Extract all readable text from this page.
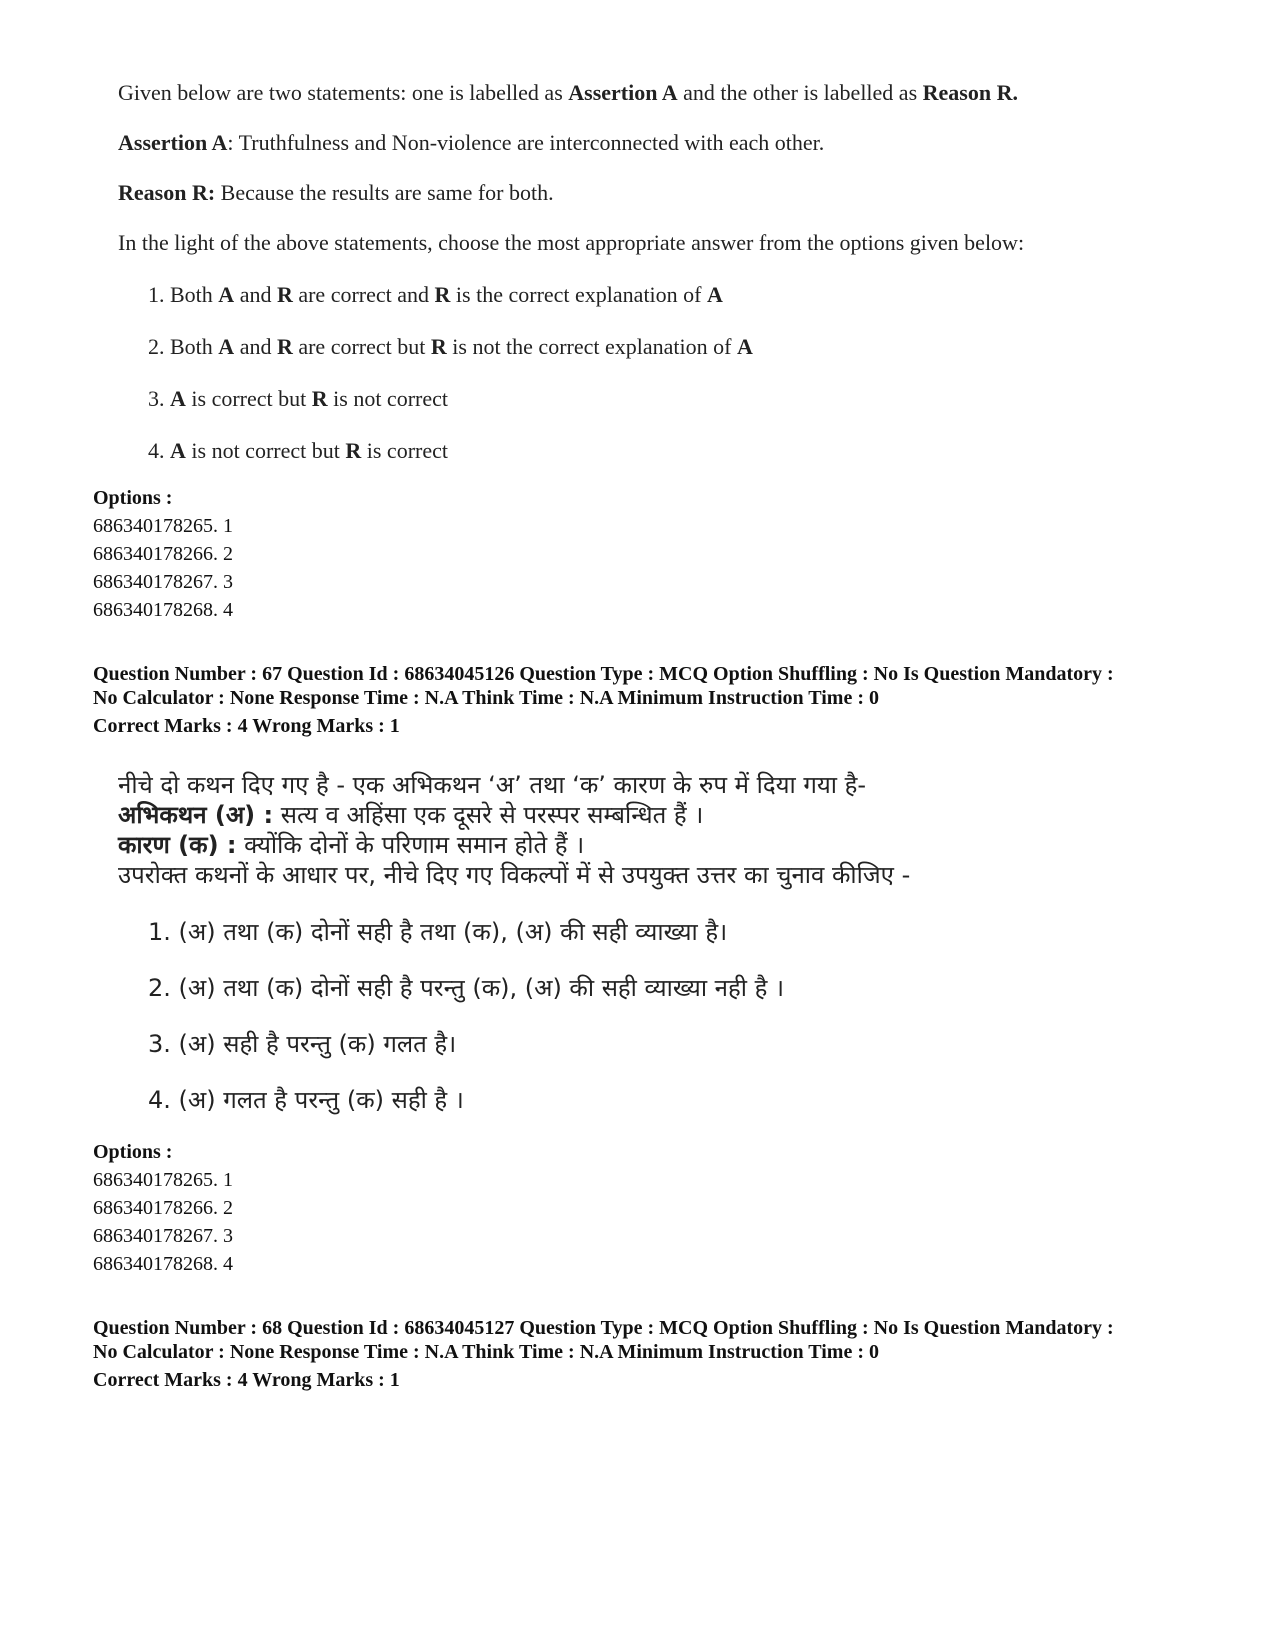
Given below are two statements: one is labelled as Assertion A and the other is labelled as Reason R.
Assertion A: Truthfulness and Non-violence are interconnected with each other.
Reason R: Because the results are same for both.
In the light of the above statements, choose the most appropriate answer from the options given below:
1. Both A and R are correct and R is the correct explanation of A
2. Both A and R are correct but R is not the correct explanation of A
3. A is correct but R is not correct
4. A is not correct but R is correct
Options :
686340178265. 1
686340178266. 2
686340178267. 3
686340178268. 4
Question Number : 67 Question Id : 68634045126 Question Type : MCQ Option Shuffling : No Is Question Mandatory :
No Calculator : None Response Time : N.A Think Time : N.A Minimum Instruction Time : 0
Correct Marks : 4 Wrong Marks : 1
नीचे दो कथन दिए गए है - एक अभिकथन ‘अ’ तथा ‘क’ कारण के रुप में दिया गया है-
अभिकथन (अ) : सत्य व अहिंसा एक दूसरे से परस्पर सम्बन्धित हैं ।
कारण (क) : क्योंकि दोनों के परिणाम समान होते हैं ।
उपरोक्त कथनों के आधार पर, नीचे दिए गए विकल्पों में से उपयुक्त उत्तर का चुनाव कीजिए -
1. (अ) तथा (क) दोनों सही है तथा (क), (अ) की सही व्याख्या है।
2. (अ) तथा (क) दोनों सही है परन्तु (क), (अ) की सही व्याख्या नही है ।
3. (अ) सही है परन्तु (क) गलत है।
4. (अ) गलत है परन्तु (क) सही है ।
Options :
686340178265. 1
686340178266. 2
686340178267. 3
686340178268. 4
Question Number : 68 Question Id : 68634045127 Question Type : MCQ Option Shuffling : No Is Question Mandatory :
No Calculator : None Response Time : N.A Think Time : N.A Minimum Instruction Time : 0
Correct Marks : 4 Wrong Marks : 1
